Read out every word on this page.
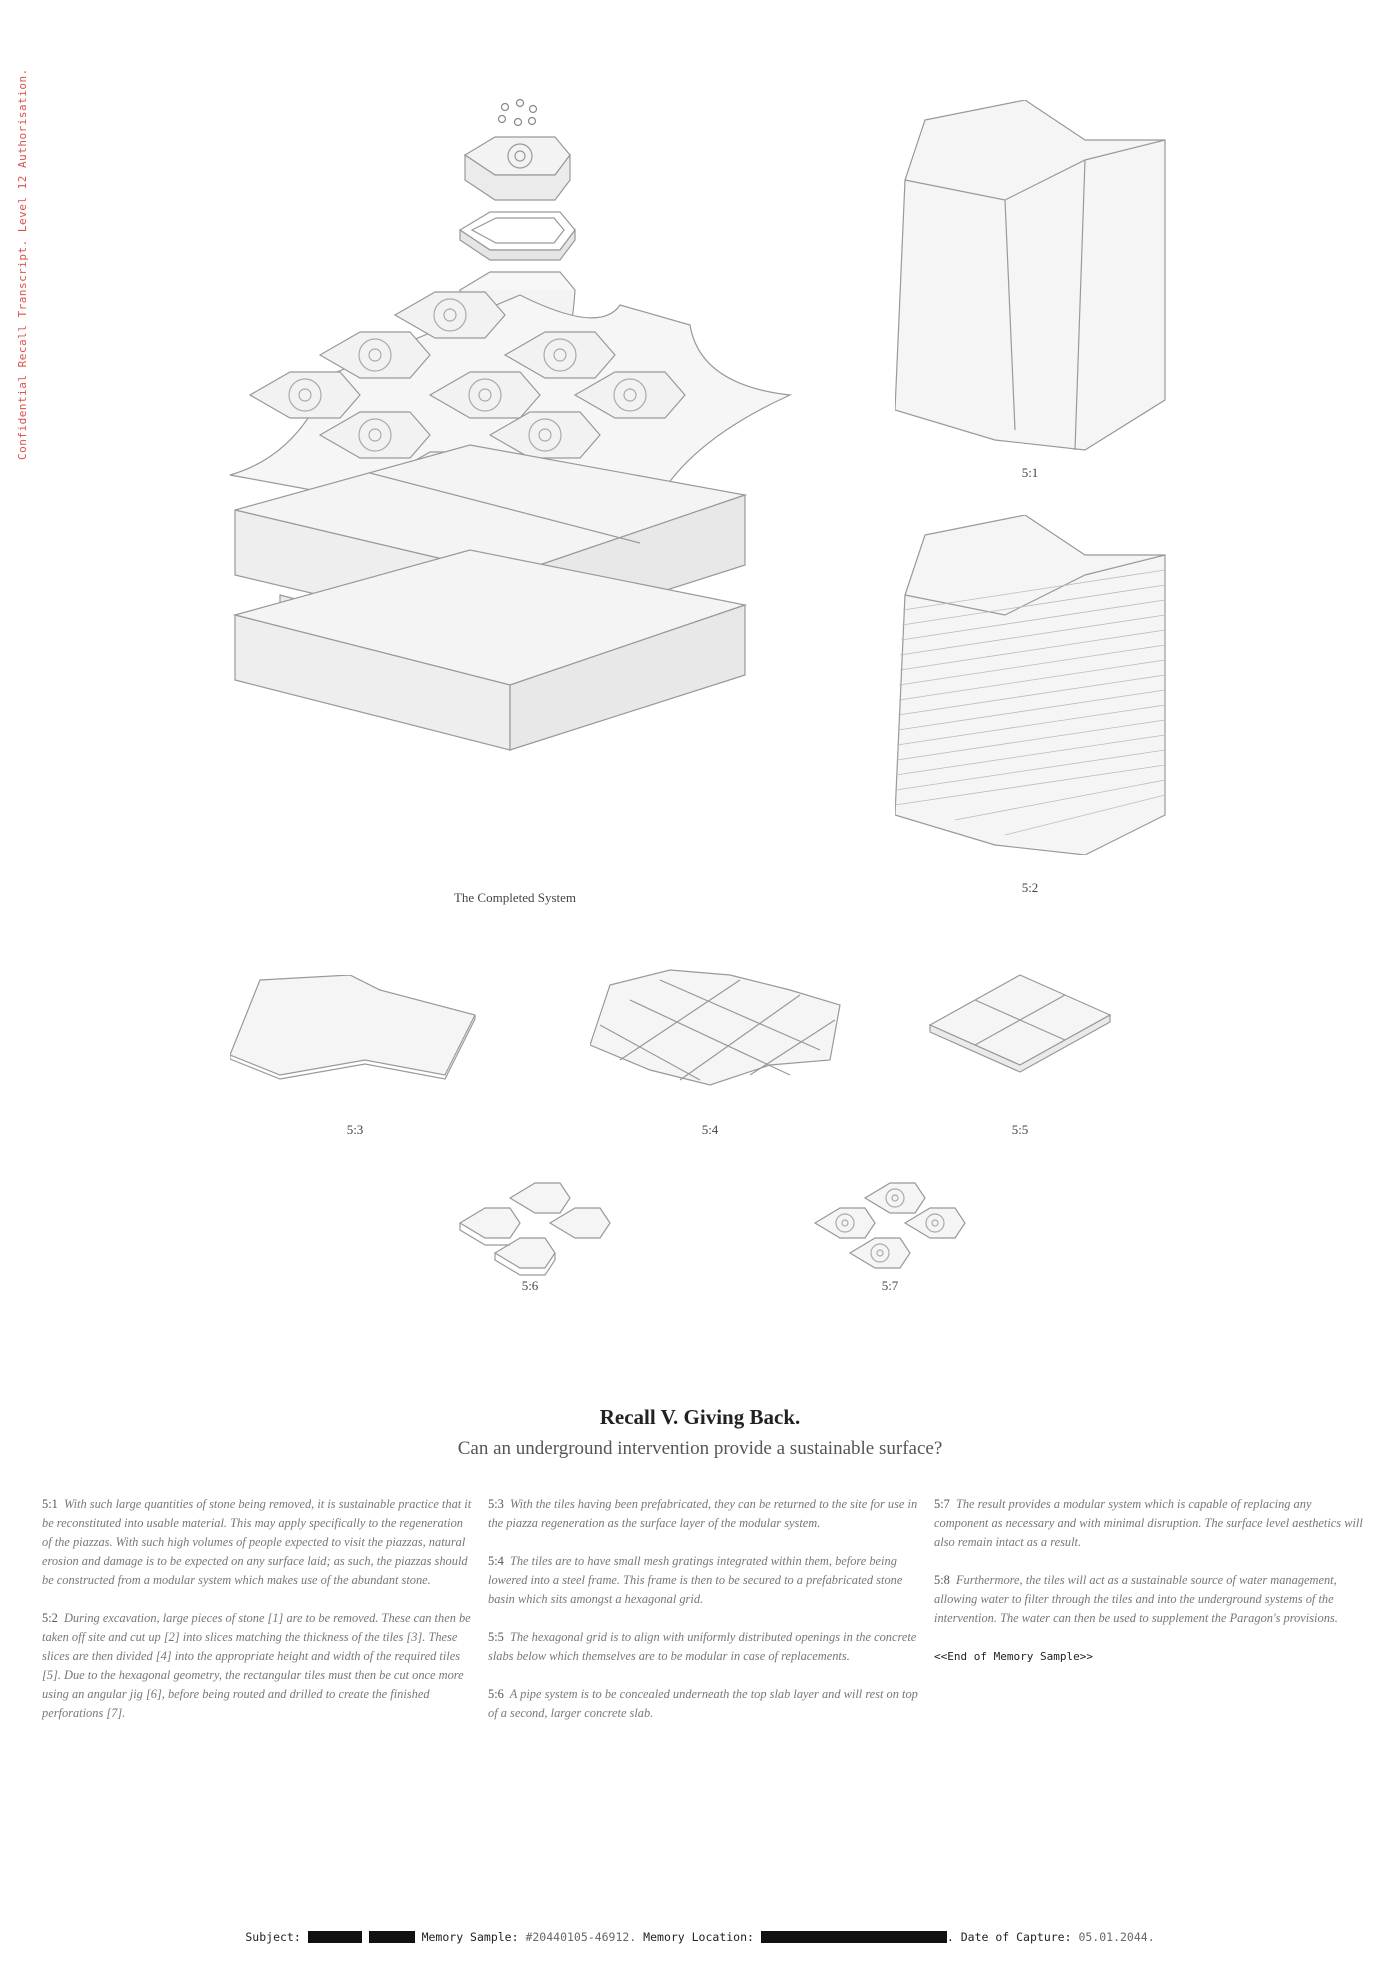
Confidential Recall Transcript. Level 12 Authorisation.
The Completed System
5:1
5:2
5:3	5:4	5:5
5:6	5:7
Recall V. Giving Back.
Can an underground intervention provide a sustainable surface?

5:1 With such large quantities of stone being removed, it is sustainable practice that it be reconstituted into usable material. This may apply specifically to the regeneration of the piazzas. With such high volumes of people expected to visit the piazzas, natural erosion and damage is to be expected on any surface laid; as such, the piazzas should be constructed from a modular system which makes use of the abundant stone.

5:2 During excavation, large pieces of stone [1] are to be removed. These can then be taken off site and cut up [2] into slices matching the thickness of the tiles [3]. These slices are then divided [4] into the appropriate height and width of the required tiles [5]. Due to the hexagonal geometry, the rectangular tiles must then be cut once more using an angular jig [6], before being routed and drilled to create the finished perforations [7].

5:3 With the tiles having been prefabricated, they can be returned to the site for use in the piazza regeneration as the surface layer of the modular system.

5:4 The tiles are to have small mesh gratings integrated within them, before being lowered into a steel frame. This frame is then to be secured to a prefabricated stone basin which sits amongst a hexagonal grid.

5:5 The hexagonal grid is to align with uniformly distributed openings in the concrete slabs below which themselves are to be modular in case of replacements.

5:6 A pipe system is to be concealed underneath the top slab layer and will rest on top of a second, larger concrete slab.

5:7 The result provides a modular system which is capable of replacing any component as necessary and with minimal disruption. The surface level aesthetics will also remain intact as a result.

5:8 Furthermore, the tiles will act as a sustainable source of water management, allowing water to filter through the tiles and into the underground systems of the intervention. The water can then be used to supplement the Paragon's provisions.

<<End of Memory Sample>>

Subject:	Memory Sample: #20440105-46912. Memory Location:	. Date of Capture: 05.01.2044.
